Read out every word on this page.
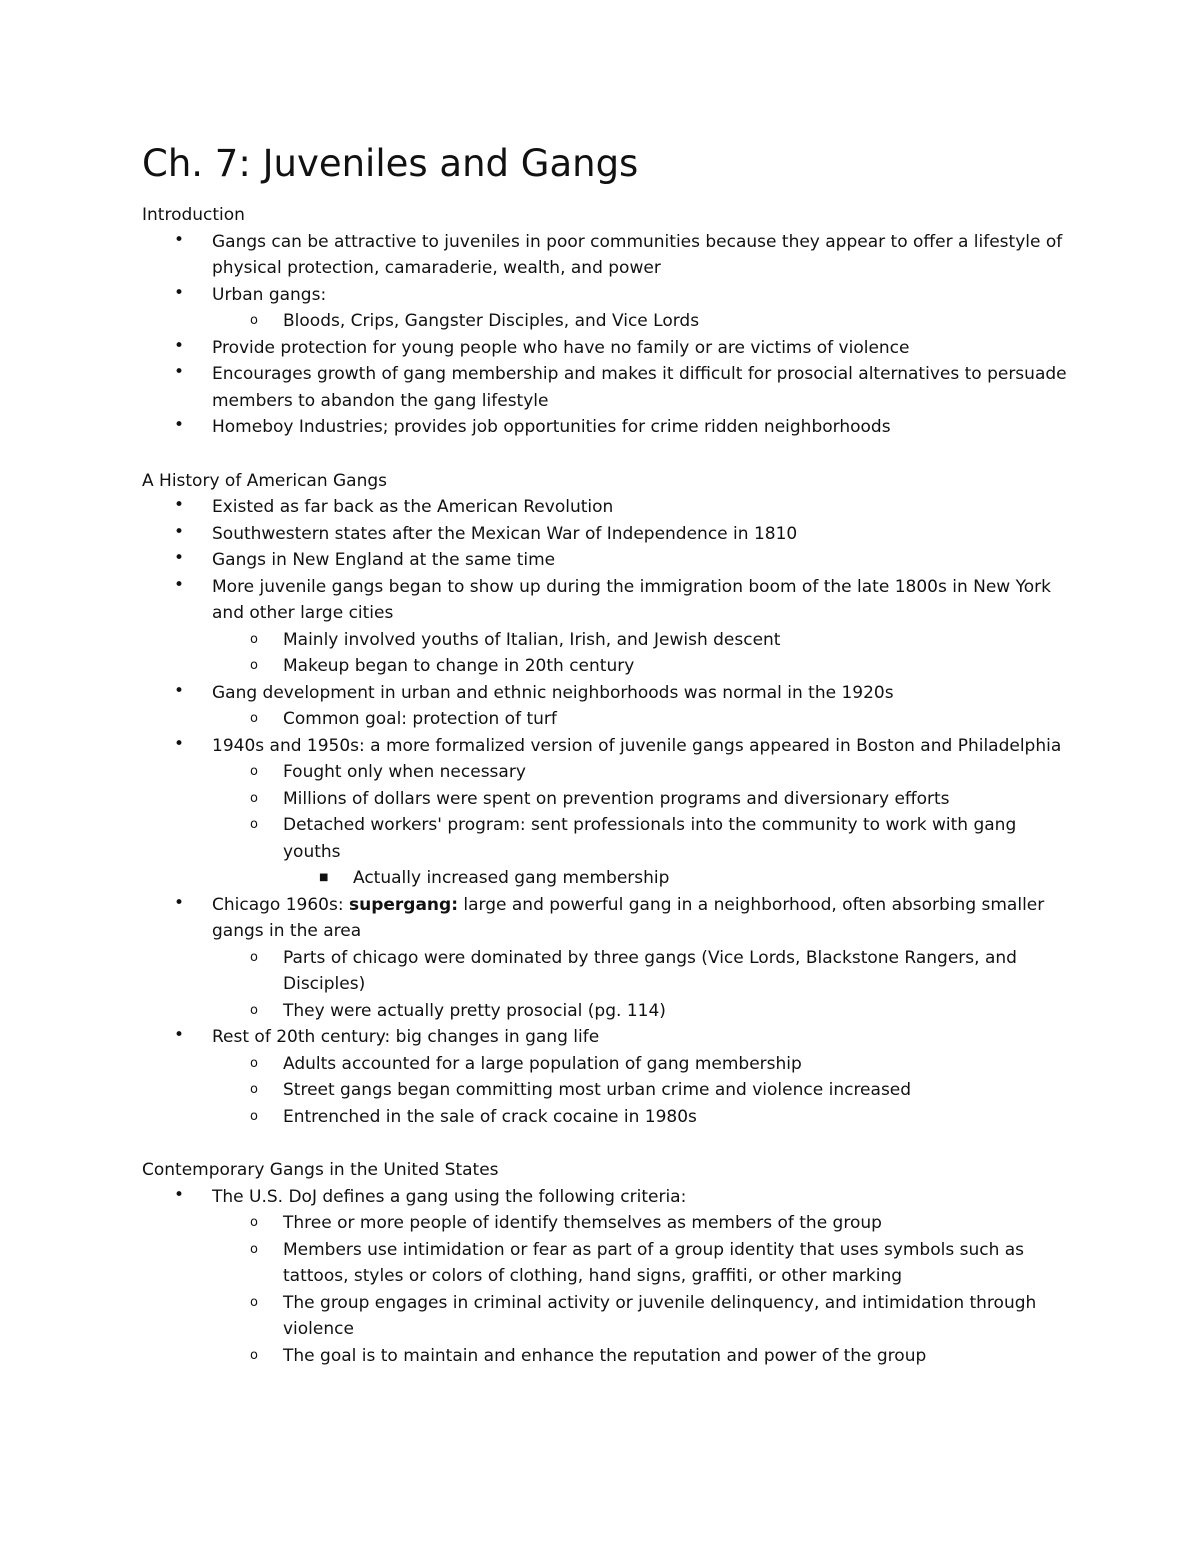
Ch. 7: Juveniles and Gangs

Introduction

• Gangs can be attractive to juveniles in poor communities because they appear to offer a lifestyle of physical protection, camaraderie, wealth, and power
• Urban gangs:
o Bloods, Crips, Gangster Disciples, and Vice Lords
• Provide protection for young people who have no family or are victims of violence
• Encourages growth of gang membership and makes it difficult for prosocial alternatives to persuade members to abandon the gang lifestyle
• Homeboy Industries; provides job opportunities for crime ridden neighborhoods

A History of American Gangs

• Existed as far back as the American Revolution
• Southwestern states after the Mexican War of Independence in 1810
• Gangs in New England at the same time
• More juvenile gangs began to show up during the immigration boom of the late 1800s in New York and other large cities
o Mainly involved youths of Italian, Irish, and Jewish descent
o Makeup began to change in 20th century
• Gang development in urban and ethnic neighborhoods was normal in the 1920s
o Common goal: protection of turf
• 1940s and 1950s: a more formalized version of juvenile gangs appeared in Boston and Philadelphia
o Fought only when necessary
o Millions of dollars were spent on prevention programs and diversionary efforts
o Detached workers' program: sent professionals into the community to work with gang youths
■ Actually increased gang membership
• Chicago 1960s: supergang: large and powerful gang in a neighborhood, often absorbing smaller gangs in the area
o Parts of chicago were dominated by three gangs (Vice Lords, Blackstone Rangers, and Disciples)
o They were actually pretty prosocial (pg. 114)
• Rest of 20th century: big changes in gang life
o Adults accounted for a large population of gang membership
o Street gangs began committing most urban crime and violence increased
o Entrenched in the sale of crack cocaine in 1980s

Contemporary Gangs in the United States

• The U.S. DoJ defines a gang using the following criteria:
o Three or more people of identify themselves as members of the group
o Members use intimidation or fear as part of a group identity that uses symbols such as tattoos, styles or colors of clothing, hand signs, graffiti, or other marking
o The group engages in criminal activity or juvenile delinquency, and intimidation through violence
o The goal is to maintain and enhance the reputation and power of the group
